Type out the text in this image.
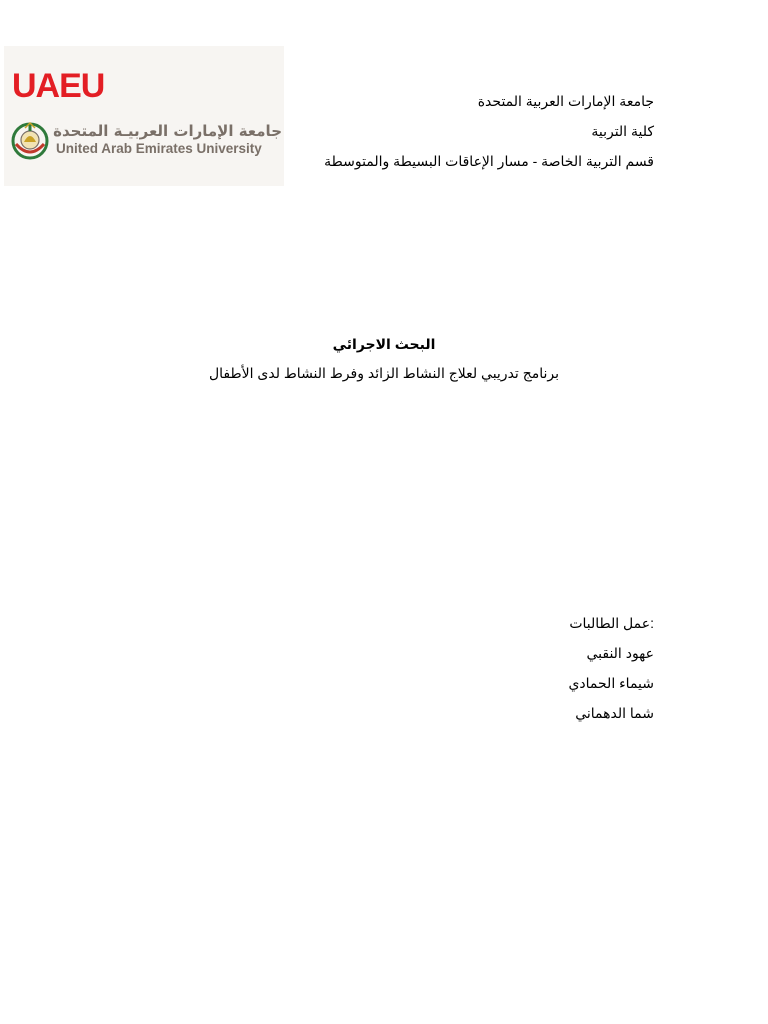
UAEU
جامعة الإمارات العربيـة المتحدة
United Arab Emirates University
جامعة الإمارات العربية المتحدة
كلية التربية
قسم التربية الخاصة - مسار الإعاقات البسيطة والمتوسطة
البحث الاجرائي
برنامج تدريبي لعلاج النشاط الزائد وفرط النشاط لدى الأطفال
:عمل الطالبات
عهود النقبي
شيماء الحمادي
شما الدهماني
